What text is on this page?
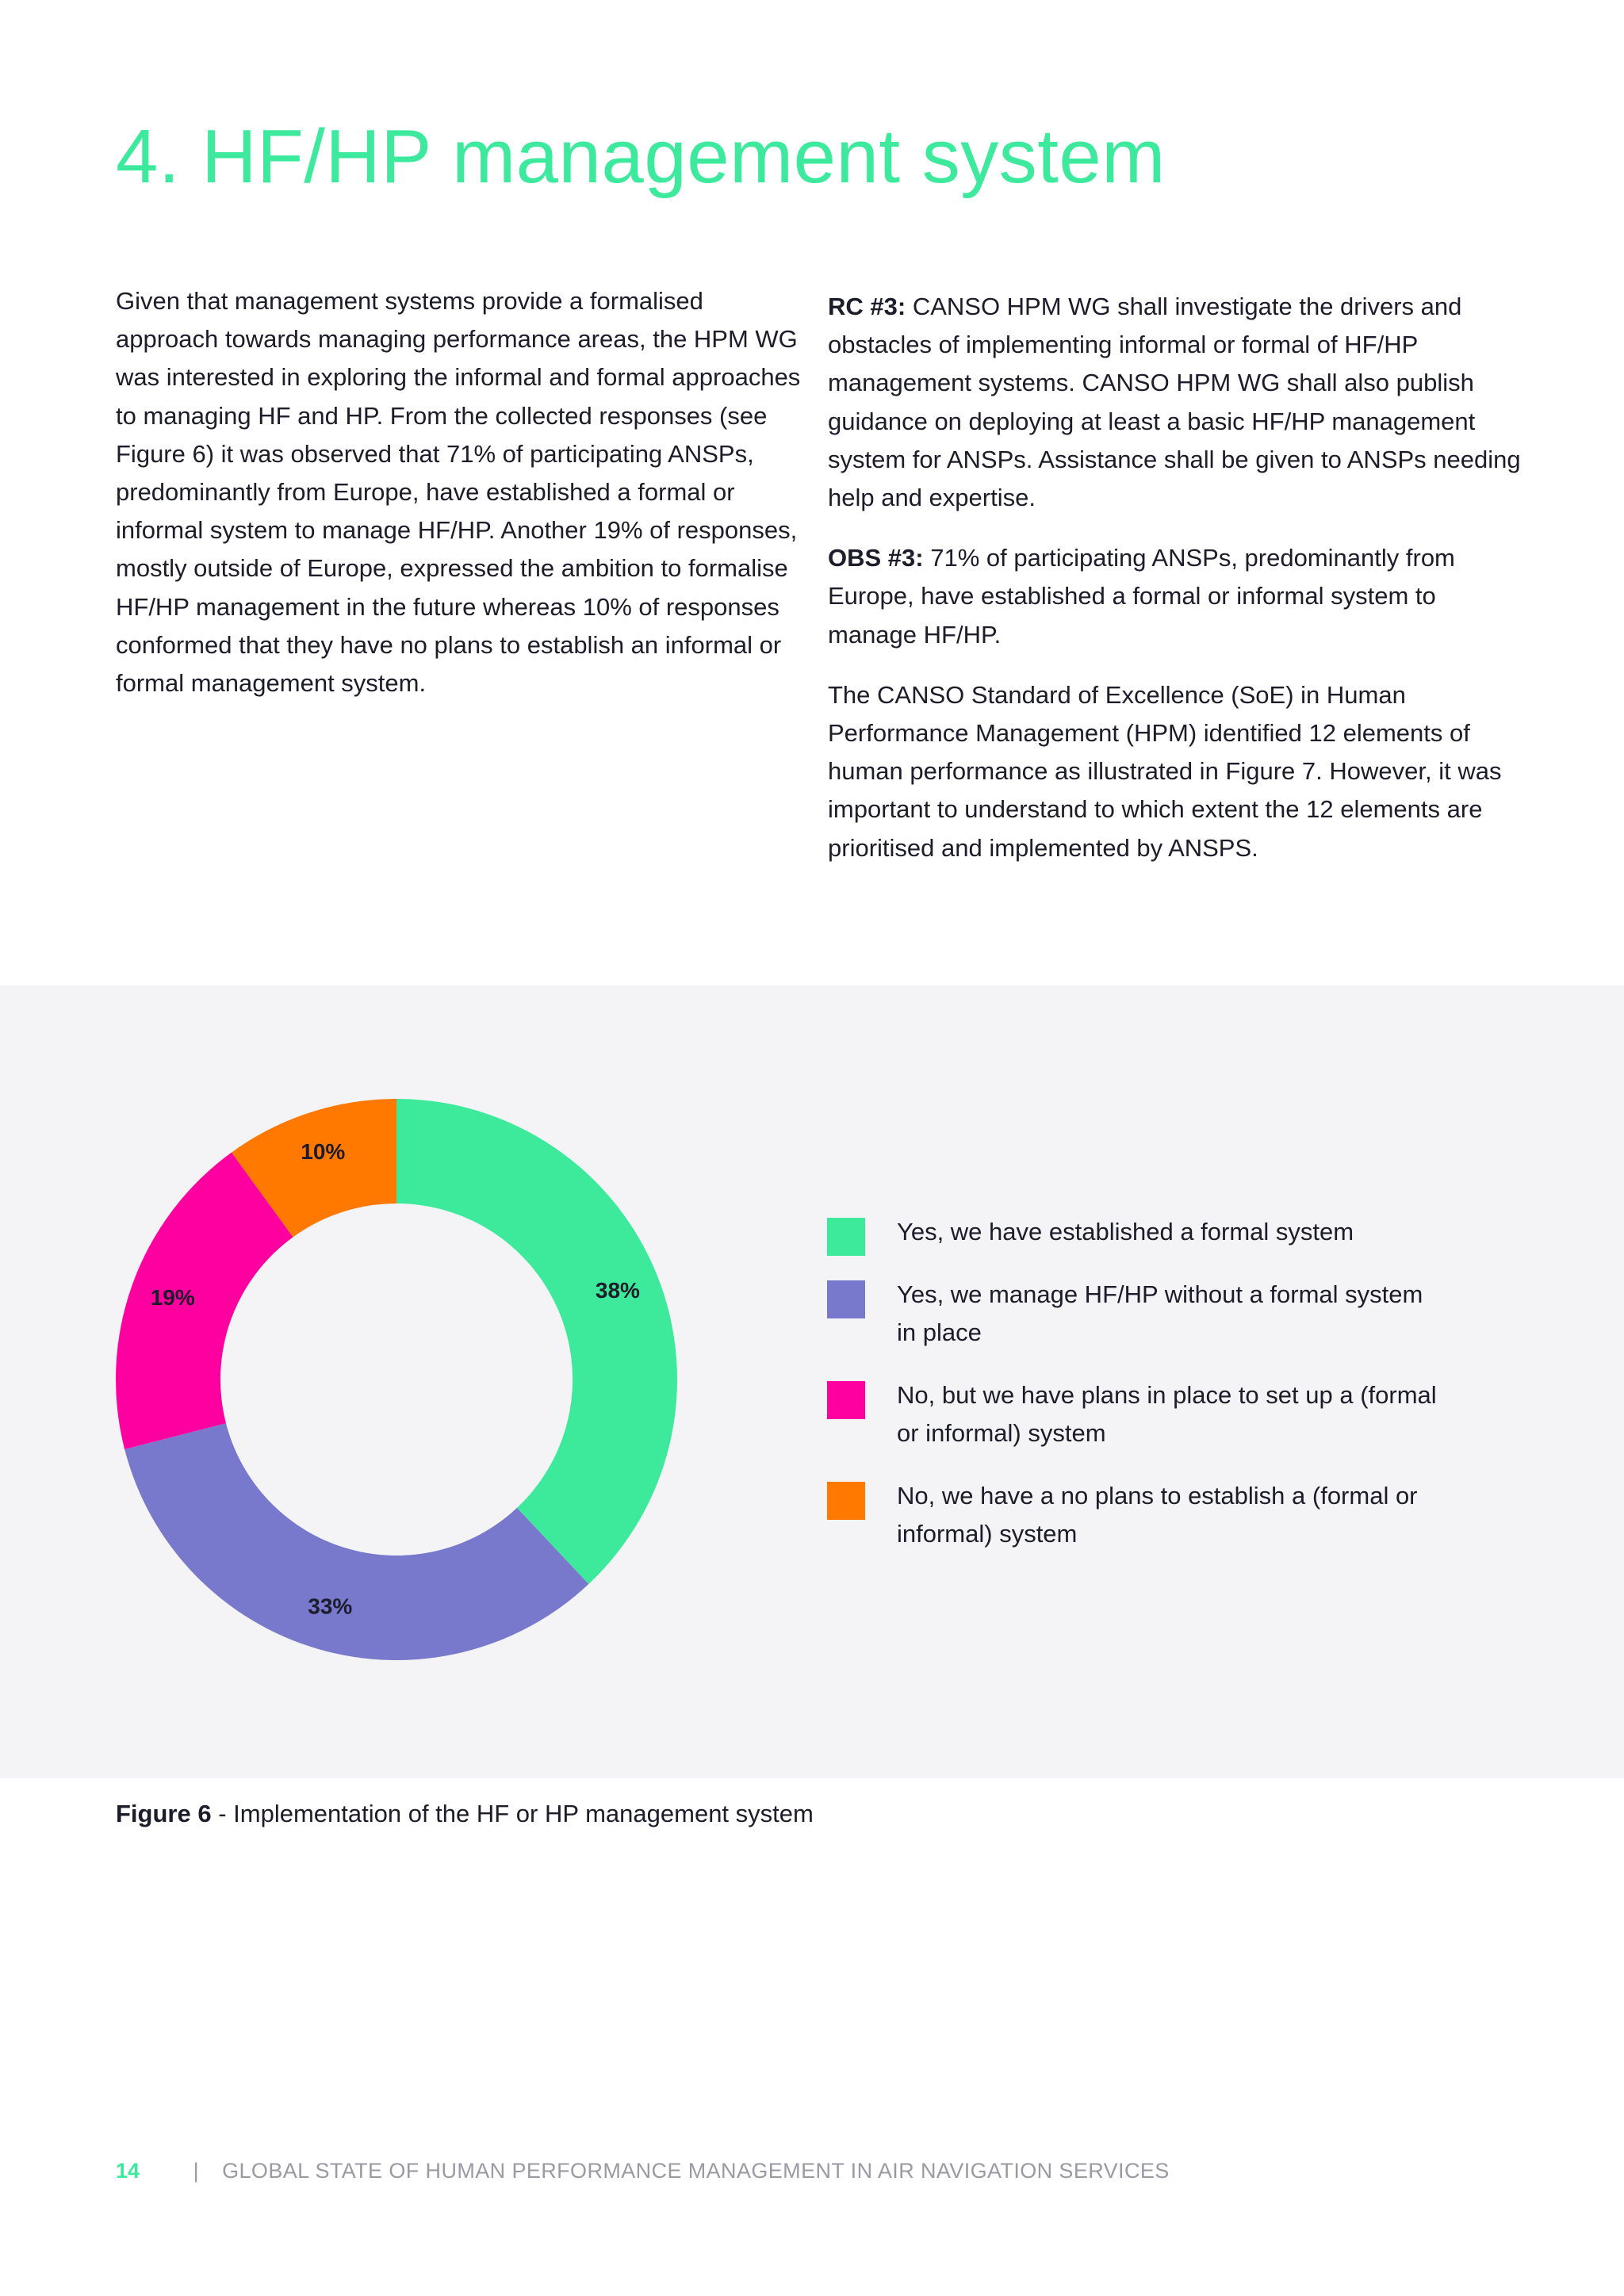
4. HF/HP management system

Given that management systems provide a formalised approach towards managing performance areas, the HPM WG was interested in exploring the informal and formal approaches to managing HF and HP. From the collected responses (see Figure 6) it was observed that 71% of participating ANSPs, predominantly from Europe, have established a formal or informal system to manage HF/HP. Another 19% of responses, mostly outside of Europe, expressed the ambition to formalise HF/HP management in the future whereas 10% of responses conformed that they have no plans to establish an informal or formal management system.

RC #3: CANSO HPM WG shall investigate the drivers and obstacles of implementing informal or formal of HF/HP management systems. CANSO HPM WG shall also publish guidance on deploying at least a basic HF/HP management system for ANSPs. Assistance shall be given to ANSPs needing help and expertise.

OBS #3: 71% of participating ANSPs, predominantly from Europe, have established a formal or informal system to manage HF/HP.

The CANSO Standard of Excellence (SoE) in Human Performance Management (HPM) identified 12 elements of human performance as illustrated in Figure 7. However, it was important to understand to which extent the 12 elements are prioritised and implemented by ANSPS.

38%
33%
19%
10%
Yes, we have established a formal system
Yes, we manage HF/HP without a formal system in place
No, but we have plans in place to set up a (formal or informal) system
No, we have a no plans to establish a (formal or informal) system
Figure 6 - Implementation of the HF or HP management system
14	| GLOBAL STATE OF HUMAN PERFORMANCE MANAGEMENT IN AIR NAVIGATION SERVICES
